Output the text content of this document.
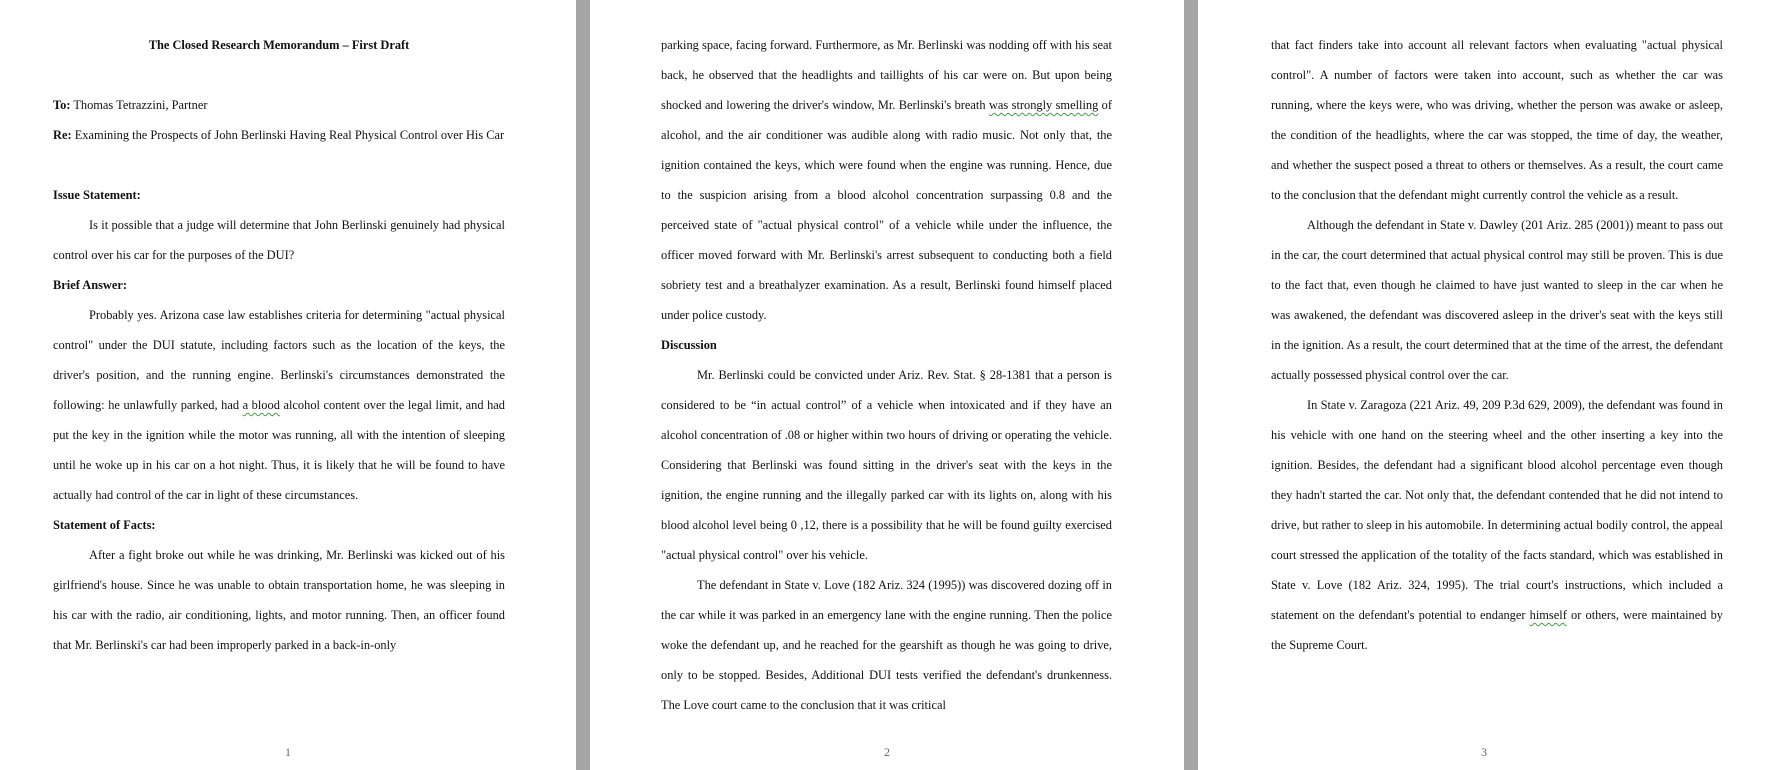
The Closed Research Memorandum – First Draft

To: Thomas Tetrazzini, Partner

Re: Examining the Prospects of John Berlinski Having Real Physical Control over His Car

Issue Statement:

Is it possible that a judge will determine that John Berlinski genuinely had physical control over his car for the purposes of the DUI?

Brief Answer:

Probably yes. Arizona case law establishes criteria for determining "actual physical control" under the DUI statute, including factors such as the location of the keys, the driver's position, and the running engine. Berlinski's circumstances demonstrated the following: he unlawfully parked, had a blood alcohol content over the legal limit, and had put the key in the ignition while the motor was running, all with the intention of sleeping until he woke up in his car on a hot night. Thus, it is likely that he will be found to have actually had control of the car in light of these circumstances.

Statement of Facts:

After a fight broke out while he was drinking, Mr. Berlinski was kicked out of his girlfriend's house. Since he was unable to obtain transportation home, he was sleeping in his car with the radio, air conditioning, lights, and motor running. Then, an officer found that Mr. Berlinski's car had been improperly parked in a back-in-only

1

parking space, facing forward. Furthermore, as Mr. Berlinski was nodding off with his seat back, he observed that the headlights and taillights of his car were on. But upon being shocked and lowering the driver's window, Mr. Berlinski's breath was strongly smelling of alcohol, and the air conditioner was audible along with radio music. Not only that, the ignition contained the keys, which were found when the engine was running. Hence, due to the suspicion arising from a blood alcohol concentration surpassing 0.8 and the perceived state of "actual physical control" of a vehicle while under the influence, the officer moved forward with Mr. Berlinski's arrest subsequent to conducting both a field sobriety test and a breathalyzer examination. As a result, Berlinski found himself placed under police custody.

Discussion

Mr. Berlinski could be convicted under Ariz. Rev. Stat. § 28-1381 that a person is considered to be “in actual control” of a vehicle when intoxicated and if they have an alcohol concentration of .08 or higher within two hours of driving or operating the vehicle. Considering that Berlinski was found sitting in the driver's seat with the keys in the ignition, the engine running and the illegally parked car with its lights on, along with his blood alcohol level being 0 ,12, there is a possibility that he will be found guilty exercised "actual physical control" over his vehicle.

The defendant in State v. Love (182 Ariz. 324 (1995)) was discovered dozing off in the car while it was parked in an emergency lane with the engine running. Then the police woke the defendant up, and he reached for the gearshift as though he was going to drive, only to be stopped. Besides, Additional DUI tests verified the defendant's drunkenness. The Love court came to the conclusion that it was critical

2

that fact finders take into account all relevant factors when evaluating "actual physical control". A number of factors were taken into account, such as whether the car was running, where the keys were, who was driving, whether the person was awake or asleep, the condition of the headlights, where the car was stopped, the time of day, the weather, and whether the suspect posed a threat to others or themselves. As a result, the court came to the conclusion that the defendant might currently control the vehicle as a result.

Although the defendant in State v. Dawley (201 Ariz. 285 (2001)) meant to pass out in the car, the court determined that actual physical control may still be proven. This is due to the fact that, even though he claimed to have just wanted to sleep in the car when he was awakened, the defendant was discovered asleep in the driver's seat with the keys still in the ignition. As a result, the court determined that at the time of the arrest, the defendant actually possessed physical control over the car.

In State v. Zaragoza (221 Ariz. 49, 209 P.3d 629, 2009), the defendant was found in his vehicle with one hand on the steering wheel and the other inserting a key into the ignition. Besides, the defendant had a significant blood alcohol percentage even though they hadn't started the car. Not only that, the defendant contended that he did not intend to drive, but rather to sleep in his automobile. In determining actual bodily control, the appeal court stressed the application of the totality of the facts standard, which was established in State v. Love (182 Ariz. 324, 1995). The trial court's instructions, which included a statement on the defendant's potential to endanger himself or others, were maintained by the Supreme Court.

3
